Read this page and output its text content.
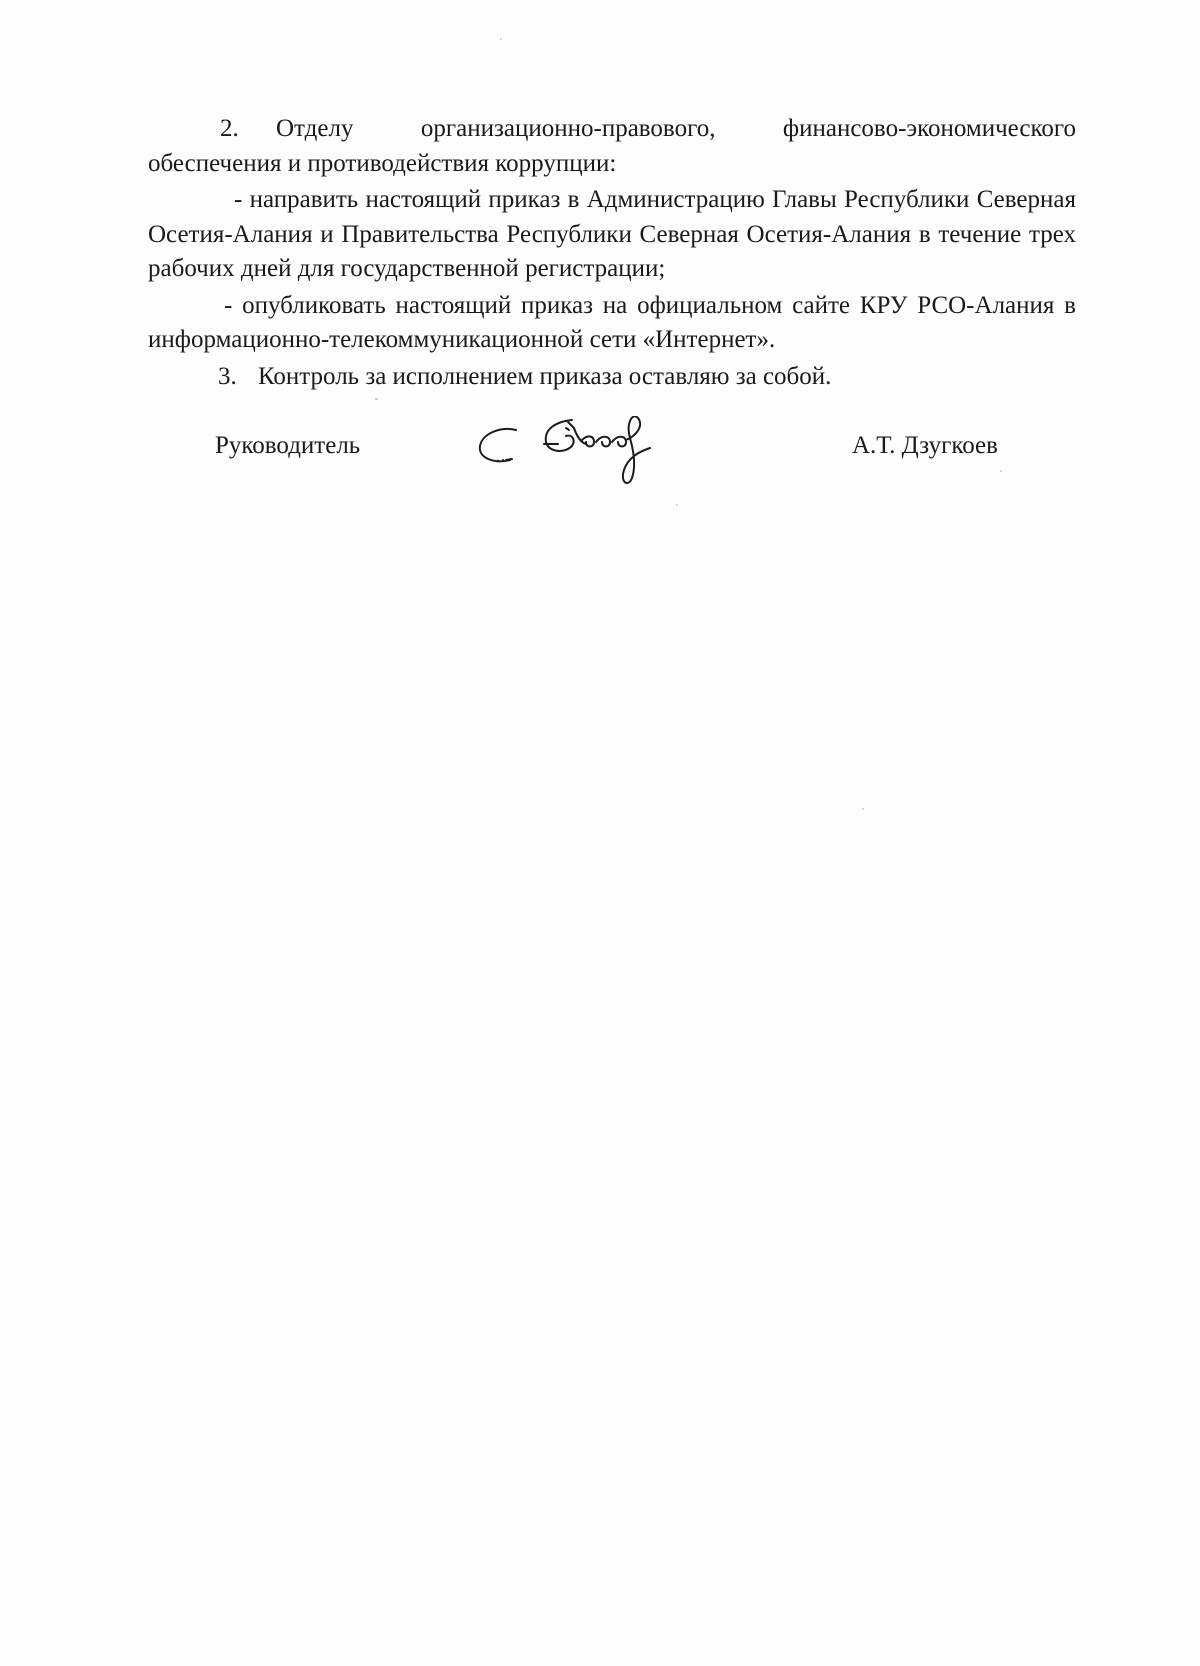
2. Отделу организационно-правового, финансово-экономического обеспечения и противодействия коррупции:

- направить настоящий приказ в Администрацию Главы Республики Северная Осетия-Алания и Правительства Республики Северная Осетия-Алания в течение трех рабочих дней для государственной регистрации;

- опубликовать настоящий приказ на официальном сайте КРУ РСО-Алания в информационно-телекоммуникационной сети «Интернет».

3. Контроль за исполнением приказа оставляю за собой.

Руководитель	А.Т. Дзугкоев
